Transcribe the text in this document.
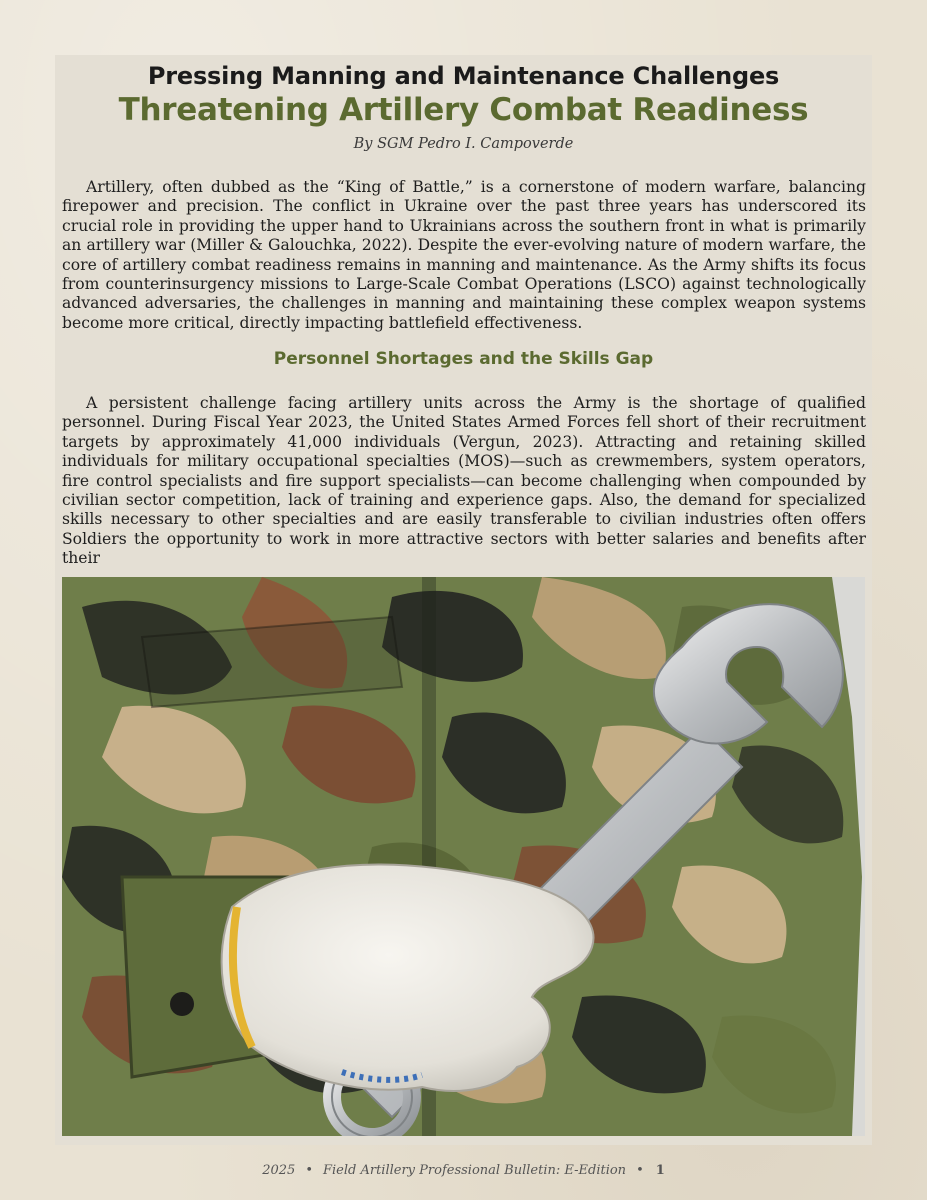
Pressing Manning and Maintenance Challenges
Threatening Artillery Combat Readiness
By SGM Pedro I. Campoverde

Artillery, often dubbed as the “King of Battle,” is a cornerstone of modern warfare, balancing firepower and precision. The conflict in Ukraine over the past three years has underscored its crucial role in providing the upper hand to Ukrainians across the southern front in what is primarily an artillery war (Miller & Galouchka, 2022). Despite the ever-evolving nature of modern warfare, the core of artillery combat readiness remains in manning and maintenance. As the Army shifts its focus from counterinsurgency missions to Large-Scale Combat Operations (LSCO) against technologically advanced adversaries, the challenges in manning and maintaining these complex weapon systems become more critical, directly impacting battlefield effectiveness.

Personnel Shortages and the Skills Gap

A persistent challenge facing artillery units across the Army is the shortage of qualified personnel. During Fiscal Year 2023, the United States Armed Forces fell short of their recruitment targets by approximately 41,000 individuals (Vergun, 2023). Attracting and retaining skilled individuals for military occupational specialties (MOS)—such as crewmembers, system operators, fire control specialists and fire support specialists—can become challenging when compounded by civilian sector competition, lack of training and experience gaps. Also, the demand for specialized skills necessary to other specialties and are easily transferable to civilian industries often offers Soldiers the opportunity to work in more attractive sectors with better salaries and benefits after their

2025 • Field Artillery Professional Bulletin: E-Edition • 1
